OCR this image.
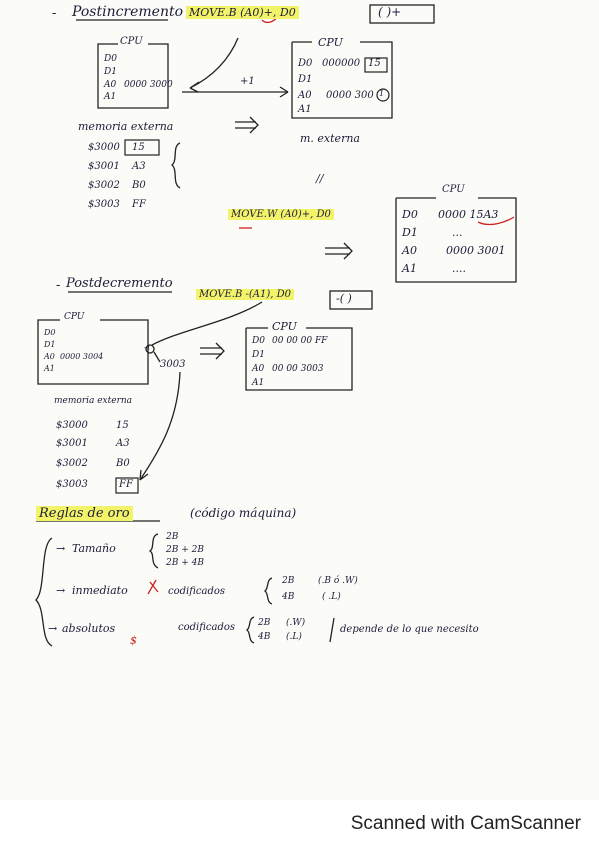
- Postincremento MOVE.B (A0)+, D0	( )+
CPU
D0
D1
A0 0000 3000
A1
+1
CPU
D0 000000 15
D1
A0 0000 300 1
A1
memoria externa
m. externa
$3000 15
$3001 A3
$3002 B0
$3003 FF
//
MOVE.W (A0)+, D0
CPU
D0 0000 15A3
D1	...
A0	0000 3001
A1	....
- Postdecremento
MOVE.B -(A1), D0	-( )
CPU
D0
D1
A0 0000 3004
-1
A1	3003
CPU
D0 00 00 00 FF
D1
A0 00 00 3003
A1
memoria externa
$3000	15
$3001	A3
$3002	B0
$3003	FF
Reglas de oro	(código máquina)
→ Tamaño
2B
2B + 2B
2B + 4B
→ inmediato	codificados
2B	(.B ó .W)
4B	( .L)
→ absolutos	codificados
$
2B (.W)
4B (.L)
depende de lo que necesito
Scanned with CamScanner
